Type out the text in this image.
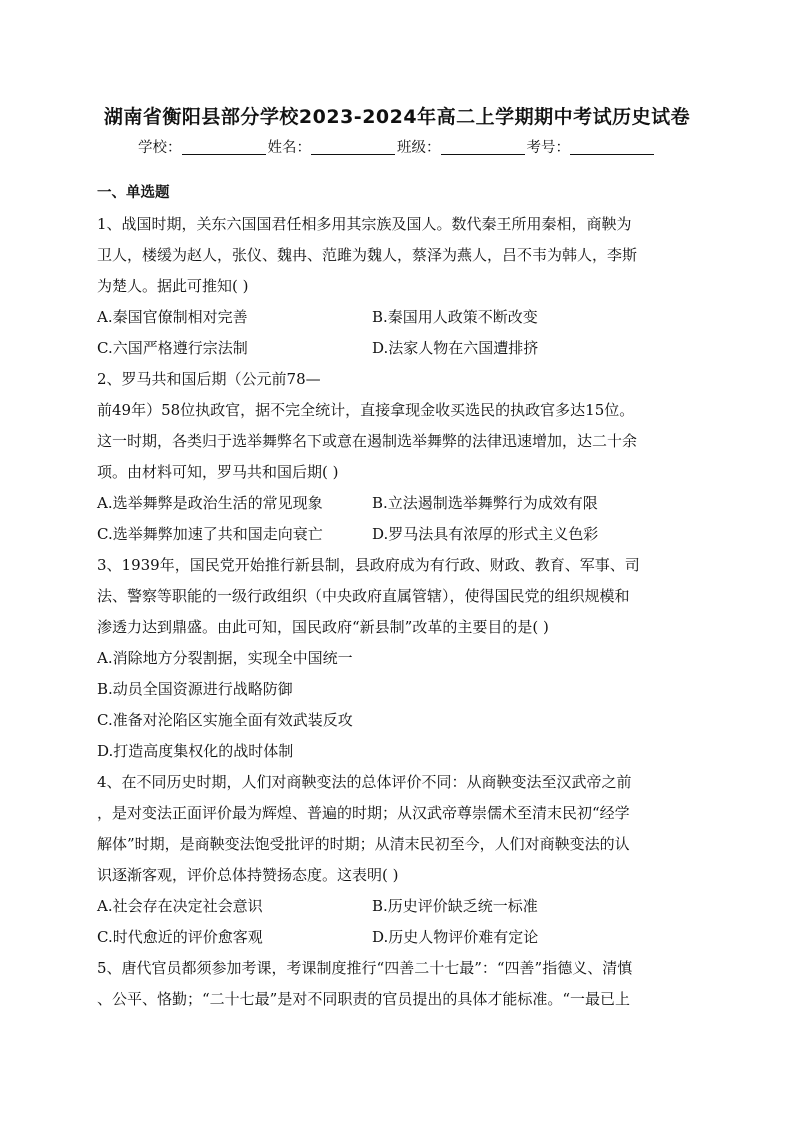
湖南省衡阳县部分学校2023-2024年高二上学期期中考试历史试卷
学校：	姓名：	班级：	考号：
一、单选题
1、战国时期，关东六国国君任相多用其宗族及国人。数代秦王所用秦相，商鞅为
卫人，楼缓为赵人，张仪、魏冉、范雎为魏人，蔡泽为燕人，吕不韦为韩人，李斯
为楚人。据此可推知( )
A.秦国官僚制相对完善	B.秦国用人政策不断改变
C.六国严格遵行宗法制	D.法家人物在六国遭排挤
2、罗马共和国后期（公元前78—
前49年）58位执政官，据不完全统计，直接拿现金收买选民的执政官多达15位。
这一时期，各类归于选举舞弊名下或意在遏制选举舞弊的法律迅速增加，达二十余
项。由材料可知，罗马共和国后期( )
A.选举舞弊是政治生活的常见现象	B.立法遏制选举舞弊行为成效有限
C.选举舞弊加速了共和国走向衰亡	D.罗马法具有浓厚的形式主义色彩
3、1939年，国民党开始推行新县制，县政府成为有行政、财政、教育、军事、司
法、警察等职能的一级行政组织（中央政府直属管辖），使得国民党的组织规模和
渗透力达到鼎盛。由此可知，国民政府“新县制”改革的主要目的是( )
A.消除地方分裂割据，实现全中国统一
B.动员全国资源进行战略防御
C.准备对沦陷区实施全面有效武装反攻
D.打造高度集权化的战时体制
4、在不同历史时期，人们对商鞅变法的总体评价不同：从商鞅变法至汉武帝之前
，是对变法正面评价最为辉煌、普遍的时期；从汉武帝尊崇儒术至清末民初“经学
解体”时期，是商鞅变法饱受批评的时期；从清末民初至今，人们对商鞅变法的认
识逐渐客观，评价总体持赞扬态度。这表明( )
A.社会存在决定社会意识	B.历史评价缺乏统一标准
C.时代愈近的评价愈客观	D.历史人物评价难有定论
5、唐代官员都须参加考课，考课制度推行“四善二十七最”：“四善”指德义、清慎
、公平、恪勤；“二十七最”是对不同职责的官员提出的具体才能标准。“一最已上
